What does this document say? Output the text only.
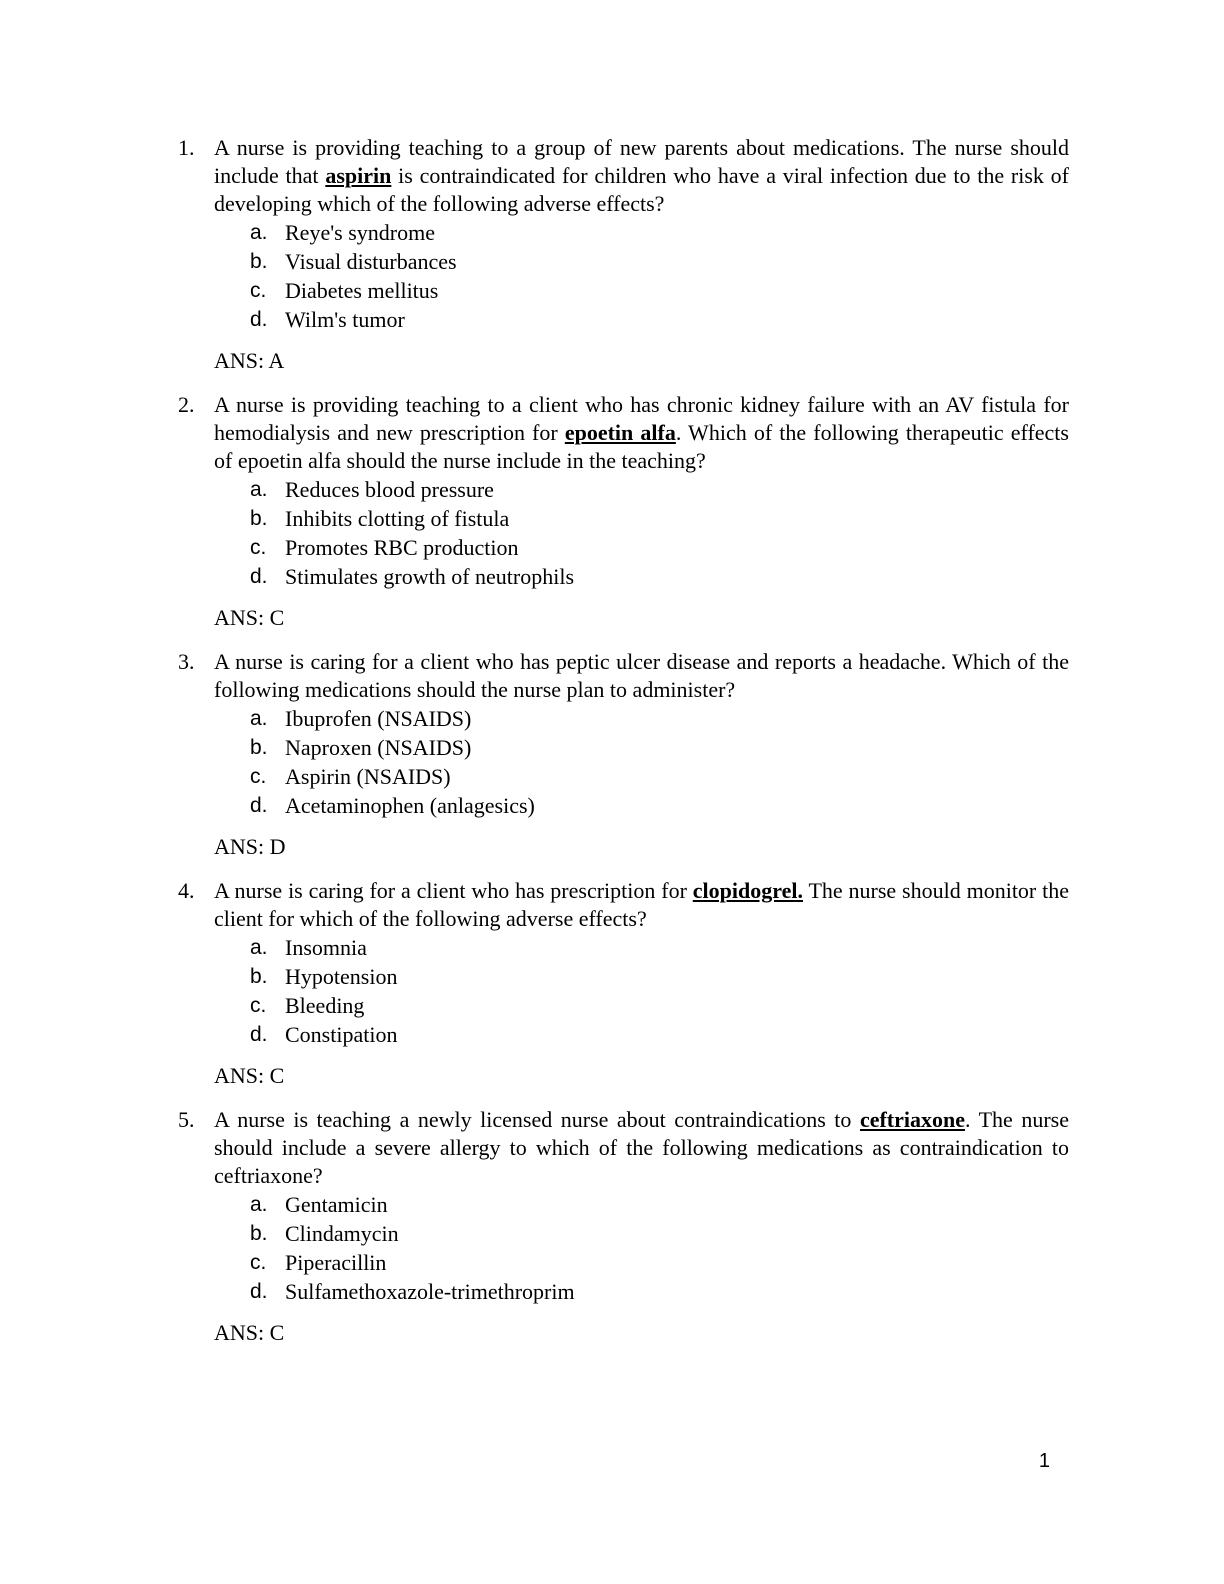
1. A nurse is providing teaching to a group of new parents about medications. The nurse should include that aspirin is contraindicated for children who have a viral infection due to the risk of developing which of the following adverse effects?
a. Reye's syndrome
b. Visual disturbances
c. Diabetes mellitus
d. Wilm's tumor
ANS: A
2. A nurse is providing teaching to a client who has chronic kidney failure with an AV fistula for hemodialysis and new prescription for epoetin alfa. Which of the following therapeutic effects of epoetin alfa should the nurse include in the teaching?
a. Reduces blood pressure
b. Inhibits clotting of fistula
c. Promotes RBC production
d. Stimulates growth of neutrophils
ANS: C
3. A nurse is caring for a client who has peptic ulcer disease and reports a headache. Which of the following medications should the nurse plan to administer?
a. Ibuprofen (NSAIDS)
b. Naproxen (NSAIDS)
c. Aspirin (NSAIDS)
d. Acetaminophen (anlagesics)
ANS: D
4. A nurse is caring for a client who has prescription for clopidogrel. The nurse should monitor the client for which of the following adverse effects?
a. Insomnia
b. Hypotension
c. Bleeding
d. Constipation
ANS: C
5. A nurse is teaching a newly licensed nurse about contraindications to ceftriaxone. The nurse should include a severe allergy to which of the following medications as contraindication to ceftriaxone?
a. Gentamicin
b. Clindamycin
c. Piperacillin
d. Sulfamethoxazole-trimethroprim
ANS: C
1
